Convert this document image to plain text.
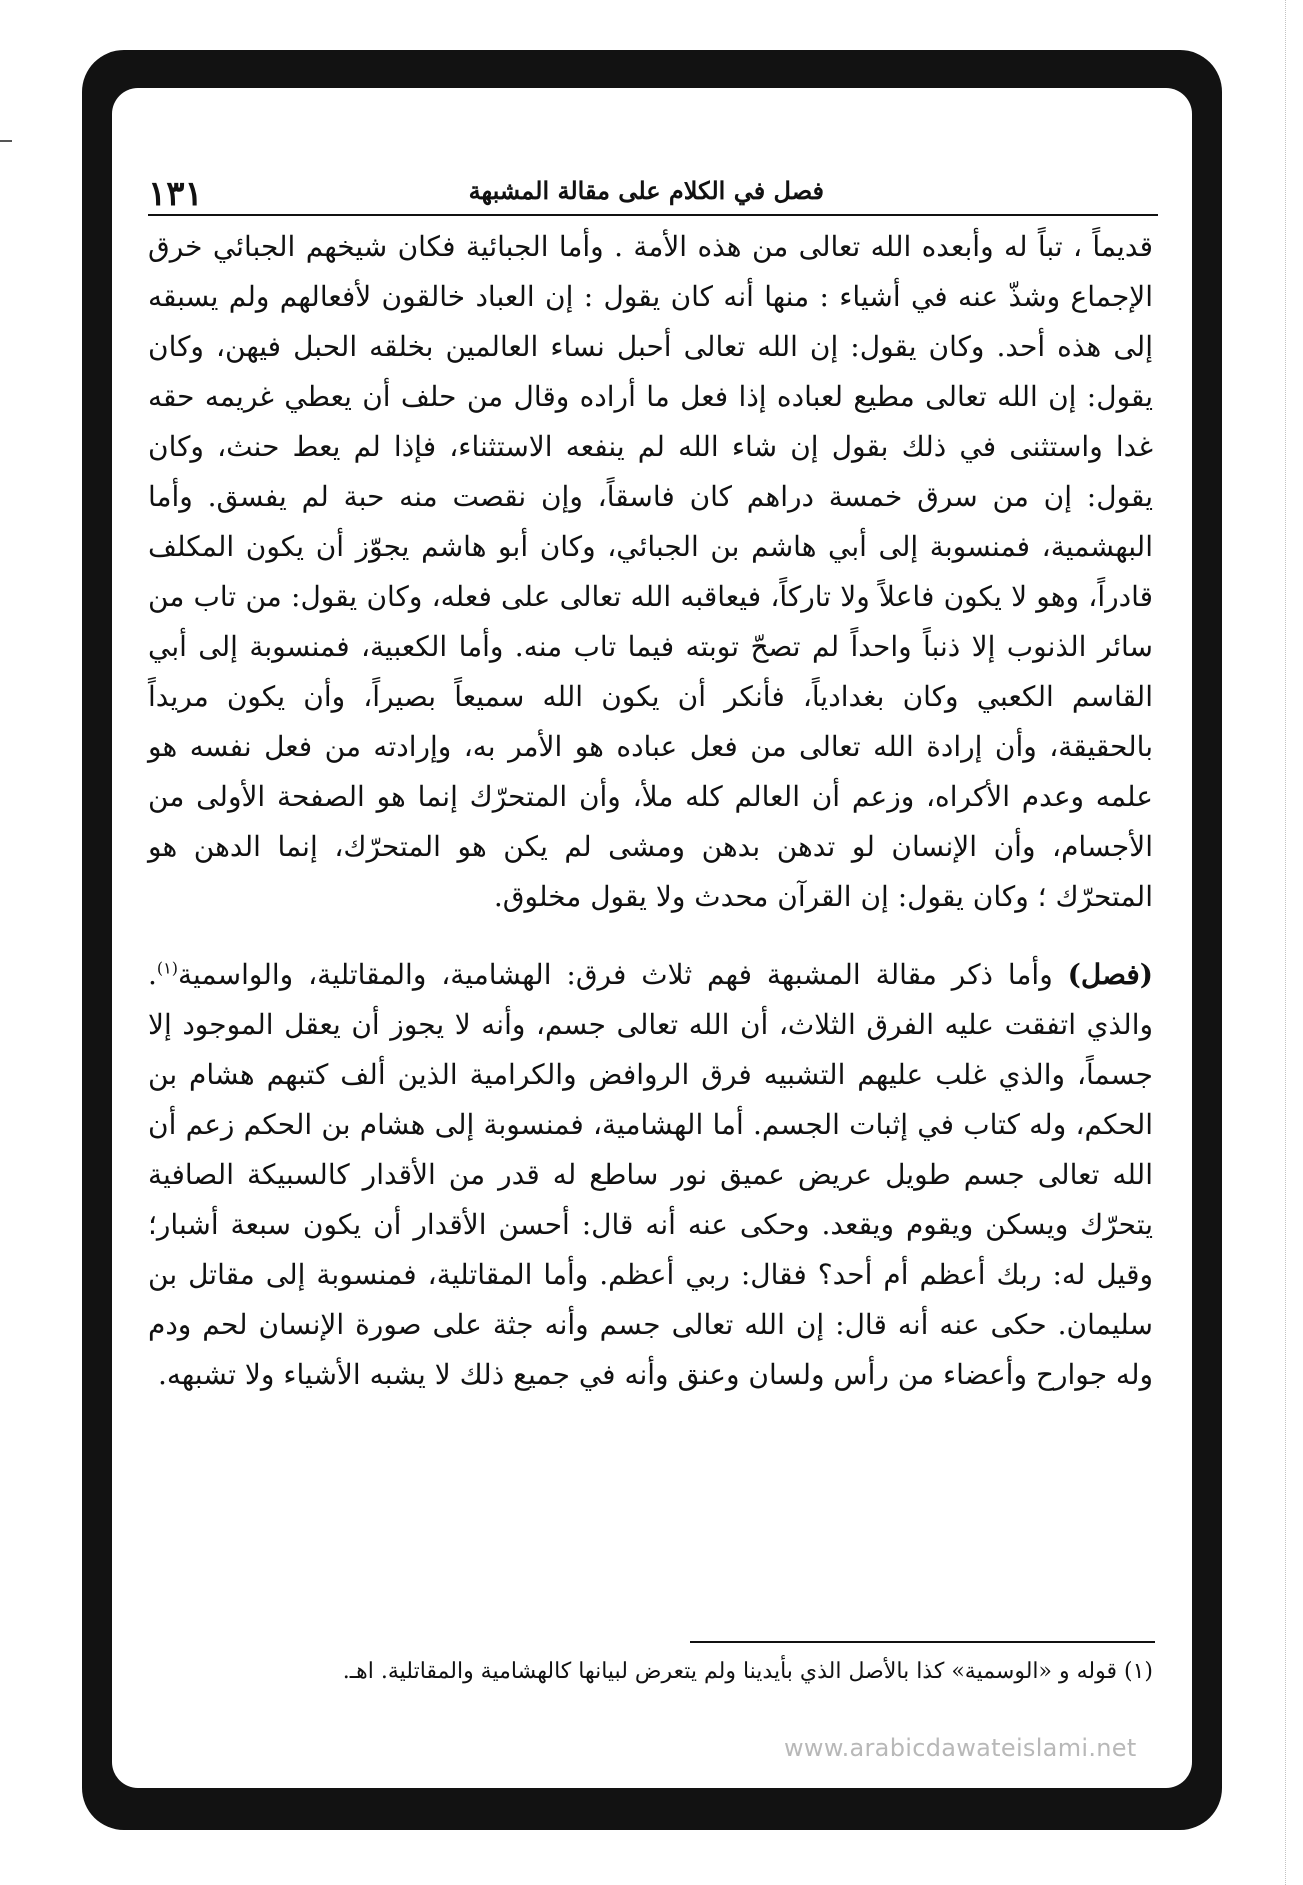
١٣١	فصل في الكلام على مقالة المشبهة

قديماً ، تباً له وأبعده الله تعالى من هذه الأمة . وأما الجبائية فكان شيخهم الجبائي خرق الإجماع وشذّ عنه في أشياء : منها أنه كان يقول : إن العباد خالقون لأفعالهم ولم يسبقه إلى هذه أحد. وكان يقول: إن الله تعالى أحبل نساء العالمين بخلقه الحبل فيهن، وكان يقول: إن الله تعالى مطيع لعباده إذا فعل ما أراده وقال من حلف أن يعطي غريمه حقه غدا واستثنى في ذلك بقول إن شاء الله لم ينفعه الاستثناء، فإذا لم يعط حنث، وكان يقول: إن من سرق خمسة دراهم كان فاسقاً، وإن نقصت منه حبة لم يفسق. وأما البهشمية، فمنسوبة إلى أبي هاشم بن الجبائي، وكان أبو هاشم يجوّز أن يكون المكلف قادراً، وهو لا يكون فاعلاً ولا تاركاً، فيعاقبه الله تعالى على فعله، وكان يقول: من تاب من سائر الذنوب إلا ذنباً واحداً لم تصحّ توبته فيما تاب منه. وأما الكعبية، فمنسوبة إلى أبي القاسم الكعبي وكان بغدادياً، فأنكر أن يكون الله سميعاً بصيراً، وأن يكون مريداً بالحقيقة، وأن إرادة الله تعالى من فعل عباده هو الأمر به، وإرادته من فعل نفسه هو علمه وعدم الأكراه، وزعم أن العالم كله ملأ، وأن المتحرّك إنما هو الصفحة الأولى من الأجسام، وأن الإنسان لو تدهن بدهن ومشى لم يكن هو المتحرّك، إنما الدهن هو المتحرّك ؛ وكان يقول: إن القرآن محدث ولا يقول مخلوق.

(فصل) وأما ذكر مقالة المشبهة فهم ثلاث فرق: الهشامية، والمقاتلية، والواسمية$^{(١)}$. والذي اتفقت عليه الفرق الثلاث، أن الله تعالى جسم، وأنه لا يجوز أن يعقل الموجود إلا جسماً، والذي غلب عليهم التشبيه فرق الروافض والكرامية الذين ألف كتبهم هشام بن الحكم، وله كتاب في إثبات الجسم. أما الهشامية، فمنسوبة إلى هشام بن الحكم زعم أن الله تعالى جسم طويل عريض عميق نور ساطع له قدر من الأقدار كالسبيكة الصافية يتحرّك ويسكن ويقوم ويقعد. وحكى عنه أنه قال: أحسن الأقدار أن يكون سبعة أشبار؛ وقيل له: ربك أعظم أم أحد؟ فقال: ربي أعظم. وأما المقاتلية، فمنسوبة إلى مقاتل بن سليمان. حكى عنه أنه قال: إن الله تعالى جسم وأنه جثة على صورة الإنسان لحم ودم وله جوارح وأعضاء من رأس ولسان وعنق وأنه في جميع ذلك لا يشبه الأشياء ولا تشبهه.

(١) قوله و «الوسمية» كذا بالأصل الذي بأيدينا ولم يتعرض لبيانها كالهشامية والمقاتلية. اهـ.
www.arabicdawateislami.net
